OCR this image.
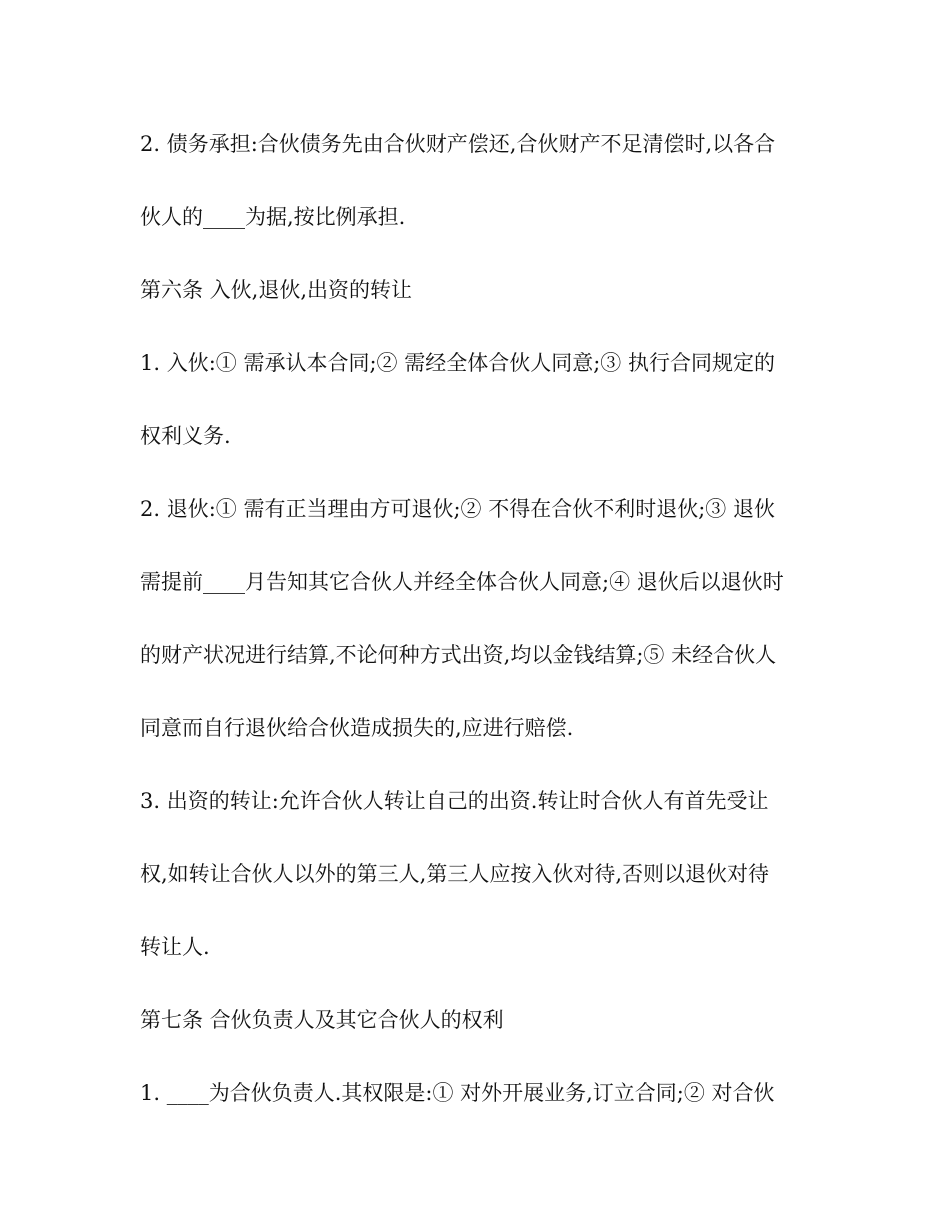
2. 债务承担:合伙债务先由合伙财产偿还,合伙财产不足清偿时,以各合
伙人的____为据,按比例承担.
第六条 入伙,退伙,出资的转让
1. 入伙:① 需承认本合同;② 需经全体合伙人同意;③ 执行合同规定的
权利义务.
2. 退伙:① 需有正当理由方可退伙;② 不得在合伙不利时退伙;③ 退伙
需提前____月告知其它合伙人并经全体合伙人同意;④ 退伙后以退伙时
的财产状况进行结算,不论何种方式出资,均以金钱结算;⑤ 未经合伙人
同意而自行退伙给合伙造成损失的,应进行赔偿.
3. 出资的转让:允许合伙人转让自己的出资.转让时合伙人有首先受让
权,如转让合伙人以外的第三人,第三人应按入伙对待,否则以退伙对待
转让人.
第七条 合伙负责人及其它合伙人的权利
1. ____为合伙负责人.其权限是:① 对外开展业务,订立合同;② 对合伙
